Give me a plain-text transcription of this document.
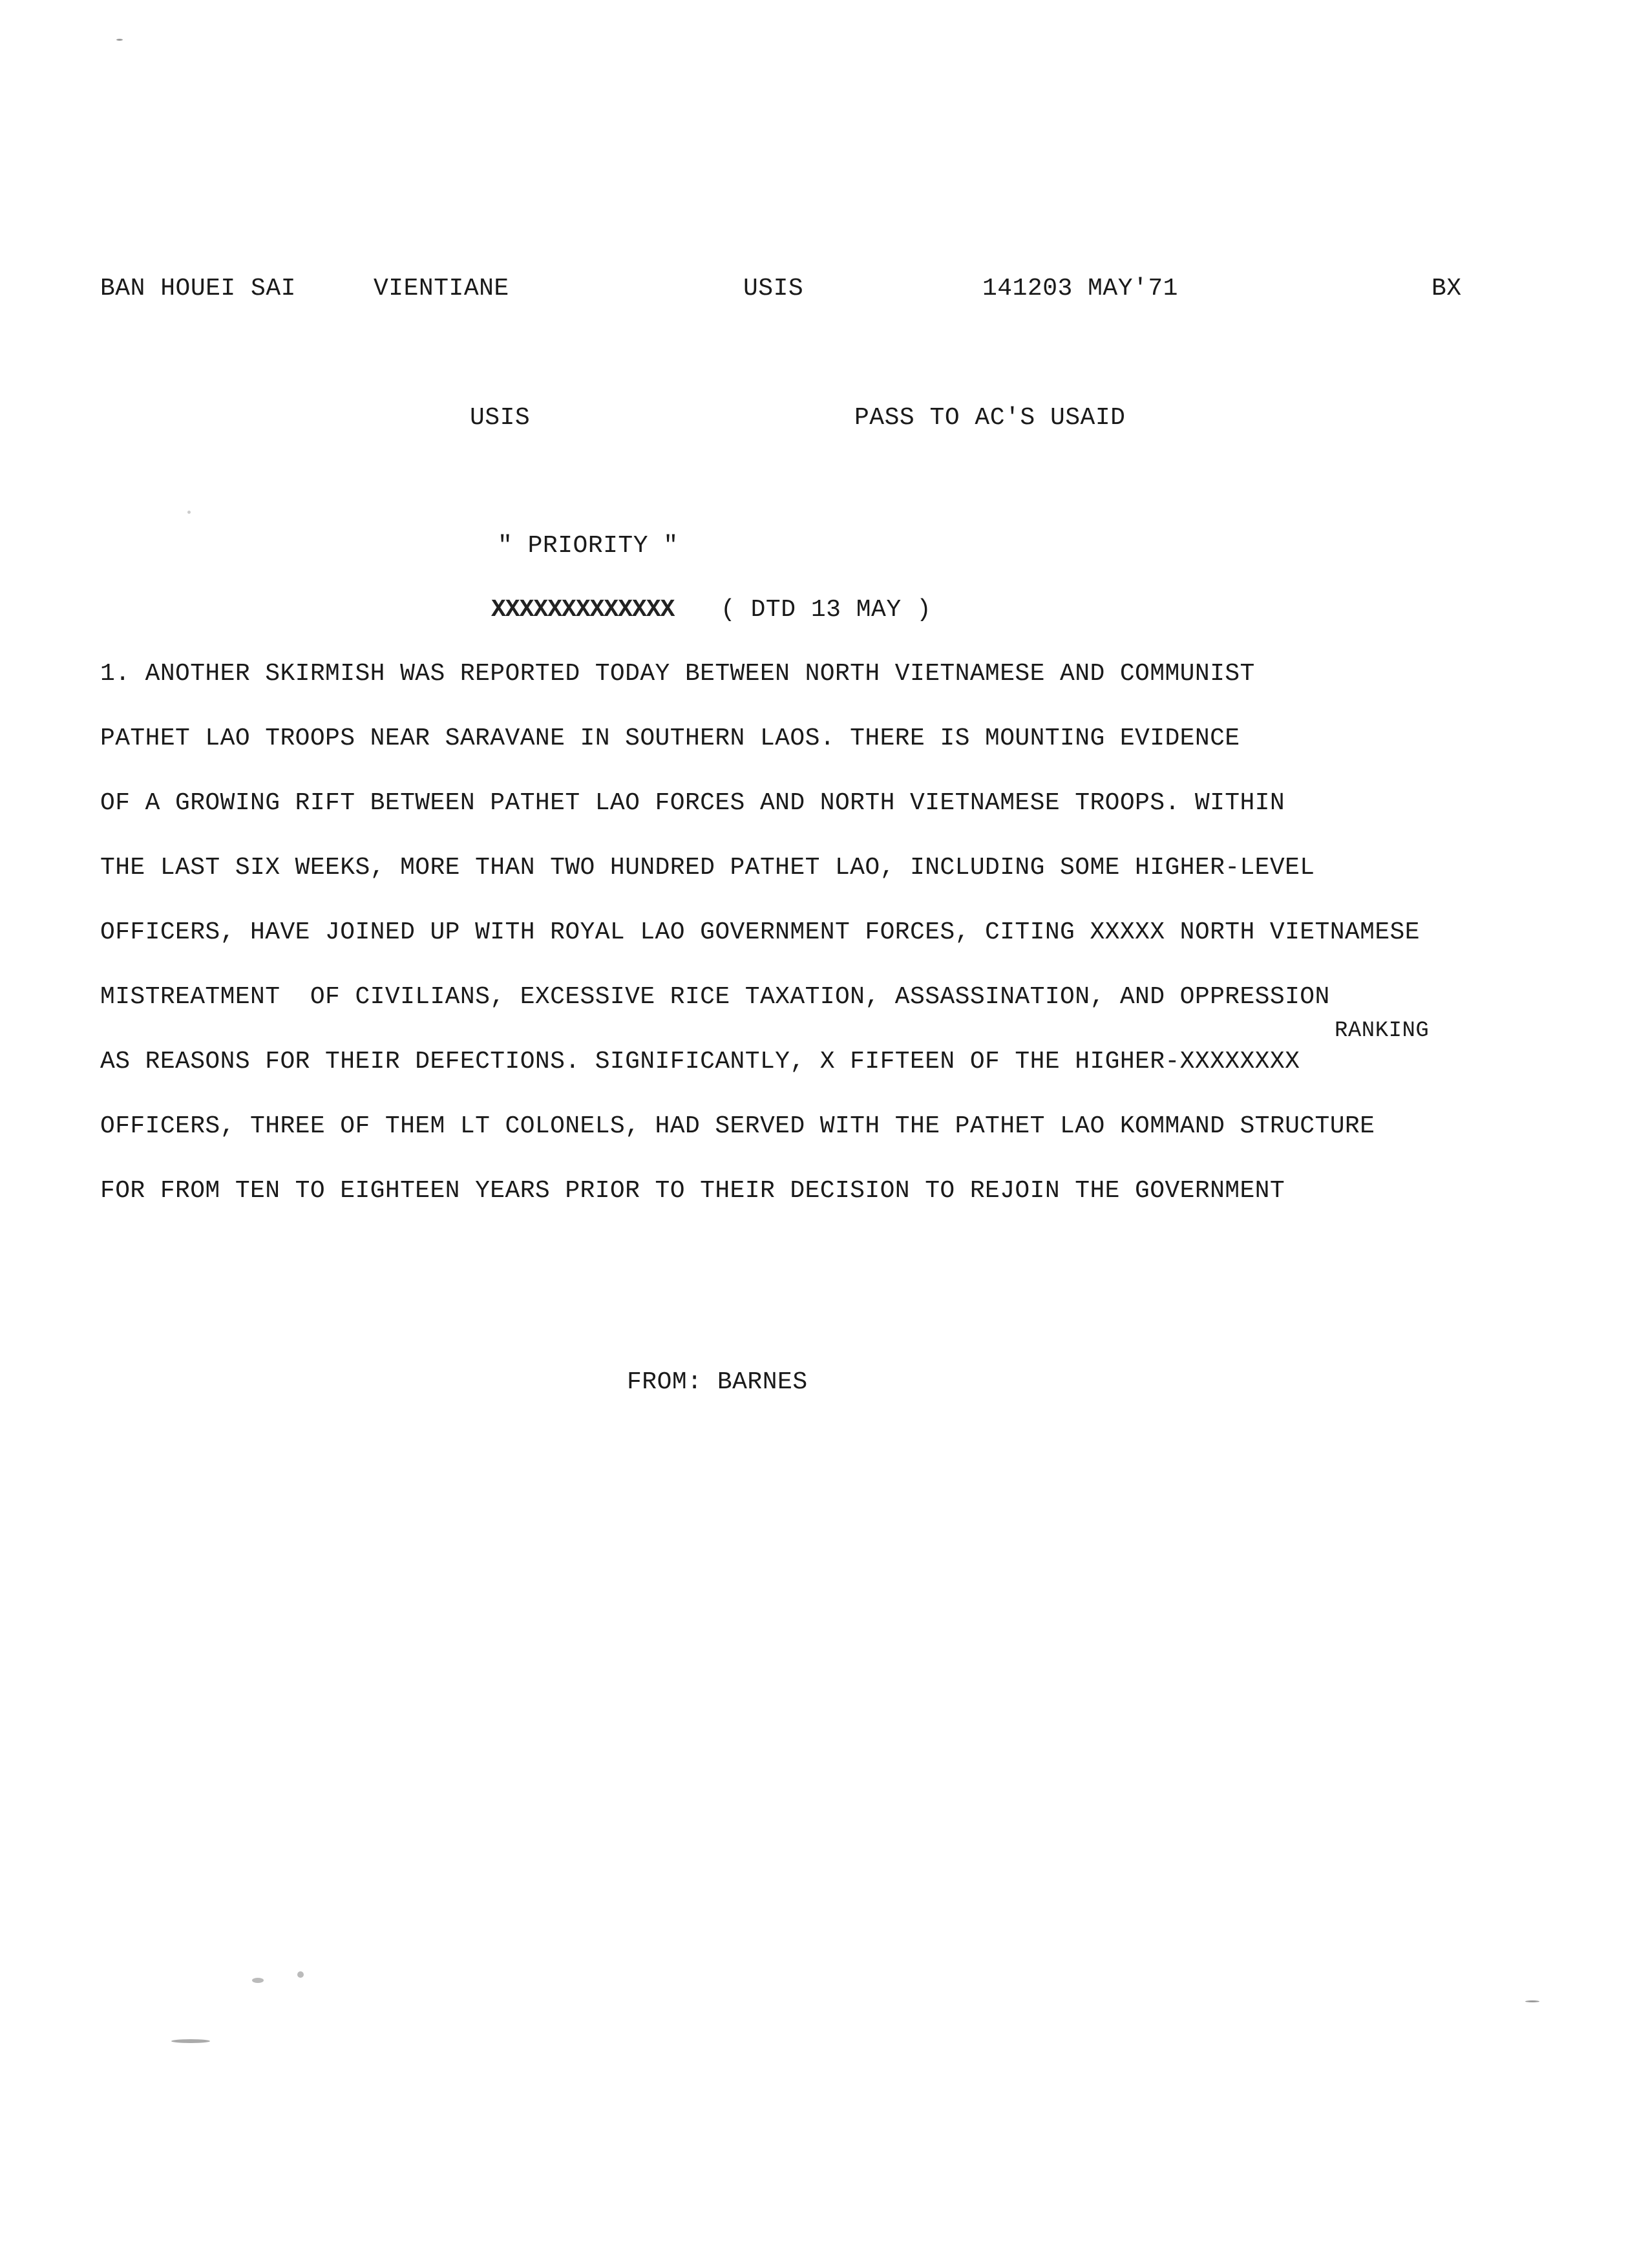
BAN HOUEI SAI	VIENTIANE	USIS	141203 MAY'71	BX
USIS	PASS TO AC'S USAID
" PRIORITY "
XXXXXXXXXXXXX ( DTD 13 MAY )
1. ANOTHER SKIRMISH WAS REPORTED TODAY BETWEEN NORTH VIETNAMESE AND COMMUNIST
PATHET LAO TROOPS NEAR SARAVANE IN SOUTHERN LAOS. THERE IS MOUNTING EVIDENCE
OF A GROWING RIFT BETWEEN PATHET LAO FORCES AND NORTH VIETNAMESE TROOPS. WITHIN
THE LAST SIX WEEKS, MORE THAN TWO HUNDRED PATHET LAO, INCLUDING SOME HIGHER-LEVEL
OFFICERS, HAVE JOINED UP WITH ROYAL LAO GOVERNMENT FORCES, CITING XXXXX NORTH VIETNAMESE
MISTREATMENT  OF CIVILIANS, EXCESSIVE RICE TAXATION, ASSASSINATION, AND OPPRESSION
RANKING
AS REASONS FOR THEIR DEFECTIONS. SIGNIFICANTLY, X FIFTEEN OF THE HIGHER-XXXXXXXX
OFFICERS, THREE OF THEM LT COLONELS, HAD SERVED WITH THE PATHET LAO KOMMAND STRUCTURE
FOR FROM TEN TO EIGHTEEN YEARS PRIOR TO THEIR DECISION TO REJOIN THE GOVERNMENT
FROM: BARNES
